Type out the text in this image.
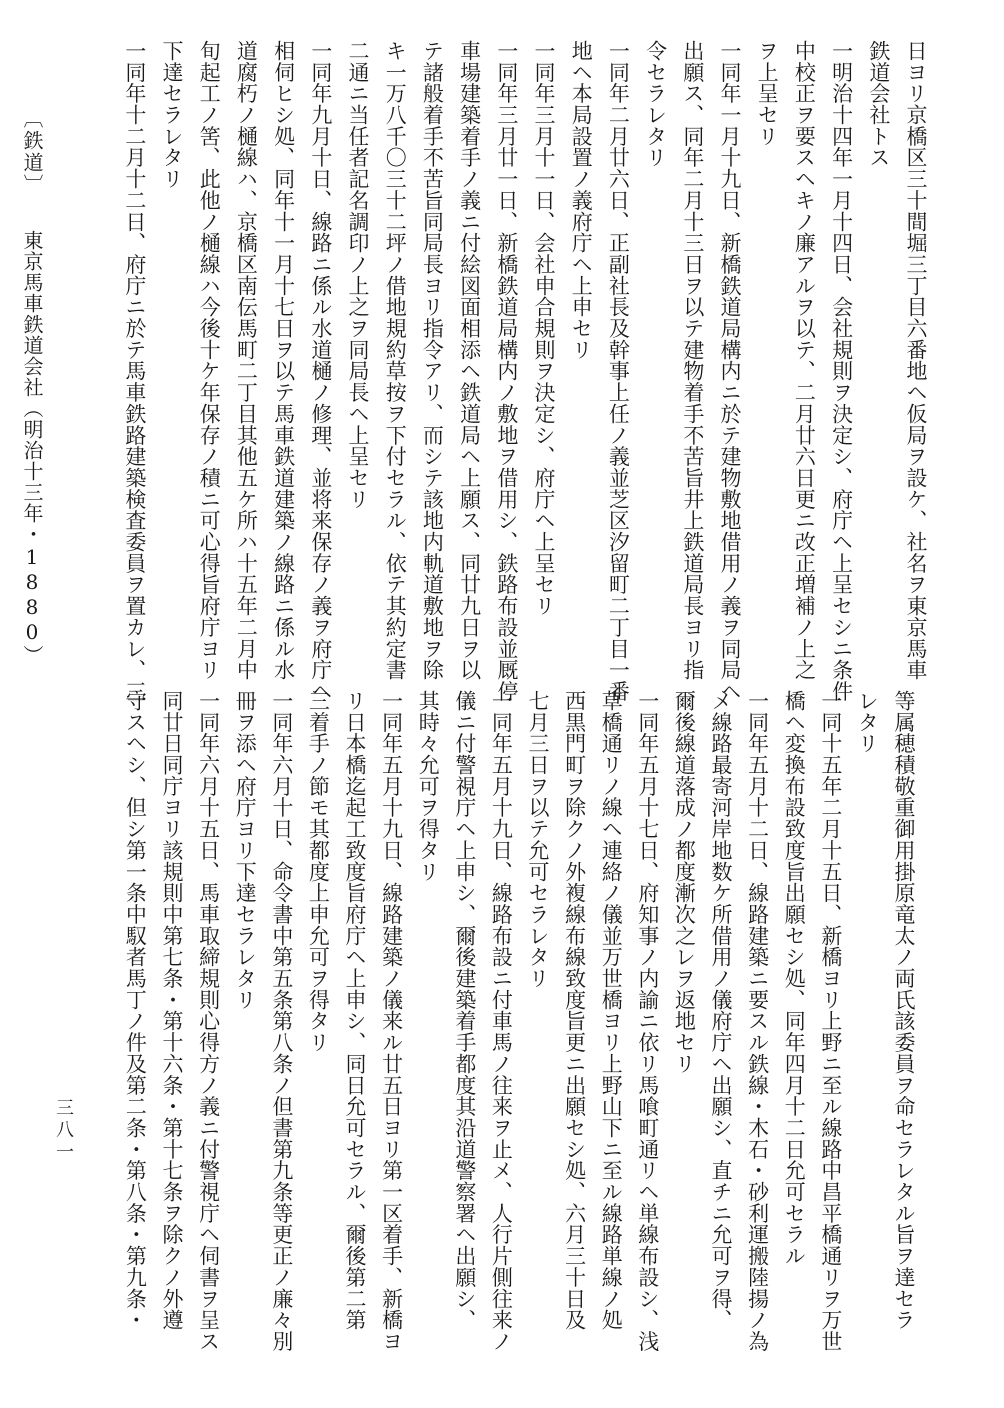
〔鉄道〕東京馬車鉄道会社（明治十三年・1880）	日ヨリ京橋区三十間堀三丁目六番地ヘ仮局ヲ設ケ、社名ヲ東京馬車

鉄道会社トス

一明治十四年一月十四日、会社規則ヲ決定シ、府庁ヘ上呈セシニ条件

中校正ヲ要スヘキノ廉アルヲ以テ、二月廿六日更ニ改正増補ノ上之

ヲ上呈セリ

一同年一月十九日、新橋鉄道局構内ニ於テ建物敷地借用ノ義ヲ同局ヘ

出願ス、同年二月十三日ヲ以テ建物着手不苦旨井上鉄道局長ヨリ指

令セラレタリ

一同年二月廿六日、正副社長及幹事上任ノ義並芝区汐留町二丁目一番

地ヘ本局設置ノ義府庁ヘ上申セリ

一同年三月十一日、会社申合規則ヲ決定シ、府庁ヘ上呈セリ

一同年三月廿一日、新橋鉄道局構内ノ敷地ヲ借用シ、鉄路布設並厩停

車場建築着手ノ義ニ付絵図面相添ヘ鉄道局ヘ上願ス、同廿九日ヲ以

テ諸般着手不苦旨同局長ヨリ指令アリ、而シテ該地内軌道敷地ヲ除

キ一万八千〇三十二坪ノ借地規約草按ヲ下付セラル、依テ其約定書

二通ニ当任者記名調印ノ上之ヲ同局長ヘ上呈セリ

一同年九月十日、線路ニ係ル水道樋ノ修理、並将来保存ノ義ヲ府庁ヘ

相伺ヒシ処、同年十一月十七日ヲ以テ馬車鉄道建築ノ線路ニ係ル水

道腐朽ノ樋線ハ、京橋区南伝馬町二丁目其他五ケ所ハ十五年二月中

旬起工ノ筈、此他ノ樋線ハ今後十ケ年保存ノ積ニ可心得旨府庁ヨリ

下達セラレタリ

一同年十二月十二日、府庁ニ於テ馬車鉄路建築検査委員ヲ置カレ、三

等属穂積敬重御用掛原竜太ノ両氏該委員ヲ命セラレタル旨ヲ達セラ

レタリ

一同十五年二月十五日、新橋ヨリ上野ニ至ル線路中昌平橋通リヲ万世

橋ヘ変換布設致度旨出願セシ処、同年四月十二日允可セラル

一同年五月十二日、線路建築ニ要スル鉄線・木石・砂利運搬陸揚ノ為

メ線路最寄河岸地数ケ所借用ノ儀府庁ヘ出願シ、直チニ允可ヲ得、

爾後線道落成ノ都度漸次之レヲ返地セリ

一同年五月十七日、府知事ノ内諭ニ依リ馬喰町通リヘ単線布設シ、浅

草橋通リノ線ヘ連絡ノ儀並万世橋ヨリ上野山下ニ至ル線路単線ノ処

西黒門町ヲ除クノ外複線布線致度旨更ニ出願セシ処、六月三十日及

七月三日ヲ以テ允可セラレタリ

一同年五月十九日、線路布設ニ付車馬ノ往来ヲ止メ、人行片側往来ノ

儀ニ付警視庁ヘ上申シ、爾後建築着手都度其沿道警察署ヘ出願シ、

其時々允可ヲ得タリ

一同年五月十九日、線路建築ノ儀来ル廿五日ヨリ第一区着手、新橋ヨ

リ日本橋迄起工致度旨府庁ヘ上申シ、同日允可セラル、爾後第二第

三着手ノ節モ其都度上申允可ヲ得タリ

一同年六月十日、命令書中第五条第八条ノ但書第九条等更正ノ廉々別

冊ヲ添ヘ府庁ヨリ下達セラレタリ

一同年六月十五日、馬車取締規則心得方ノ義ニ付警視庁ヘ伺書ヲ呈ス

同廿日同庁ヨリ該規則中第七条・第十六条・第十七条ヲ除クノ外遵

守スヘシ、但シ第一条中馭者馬丁ノ件及第二条・第八条・第九条・

三八一
